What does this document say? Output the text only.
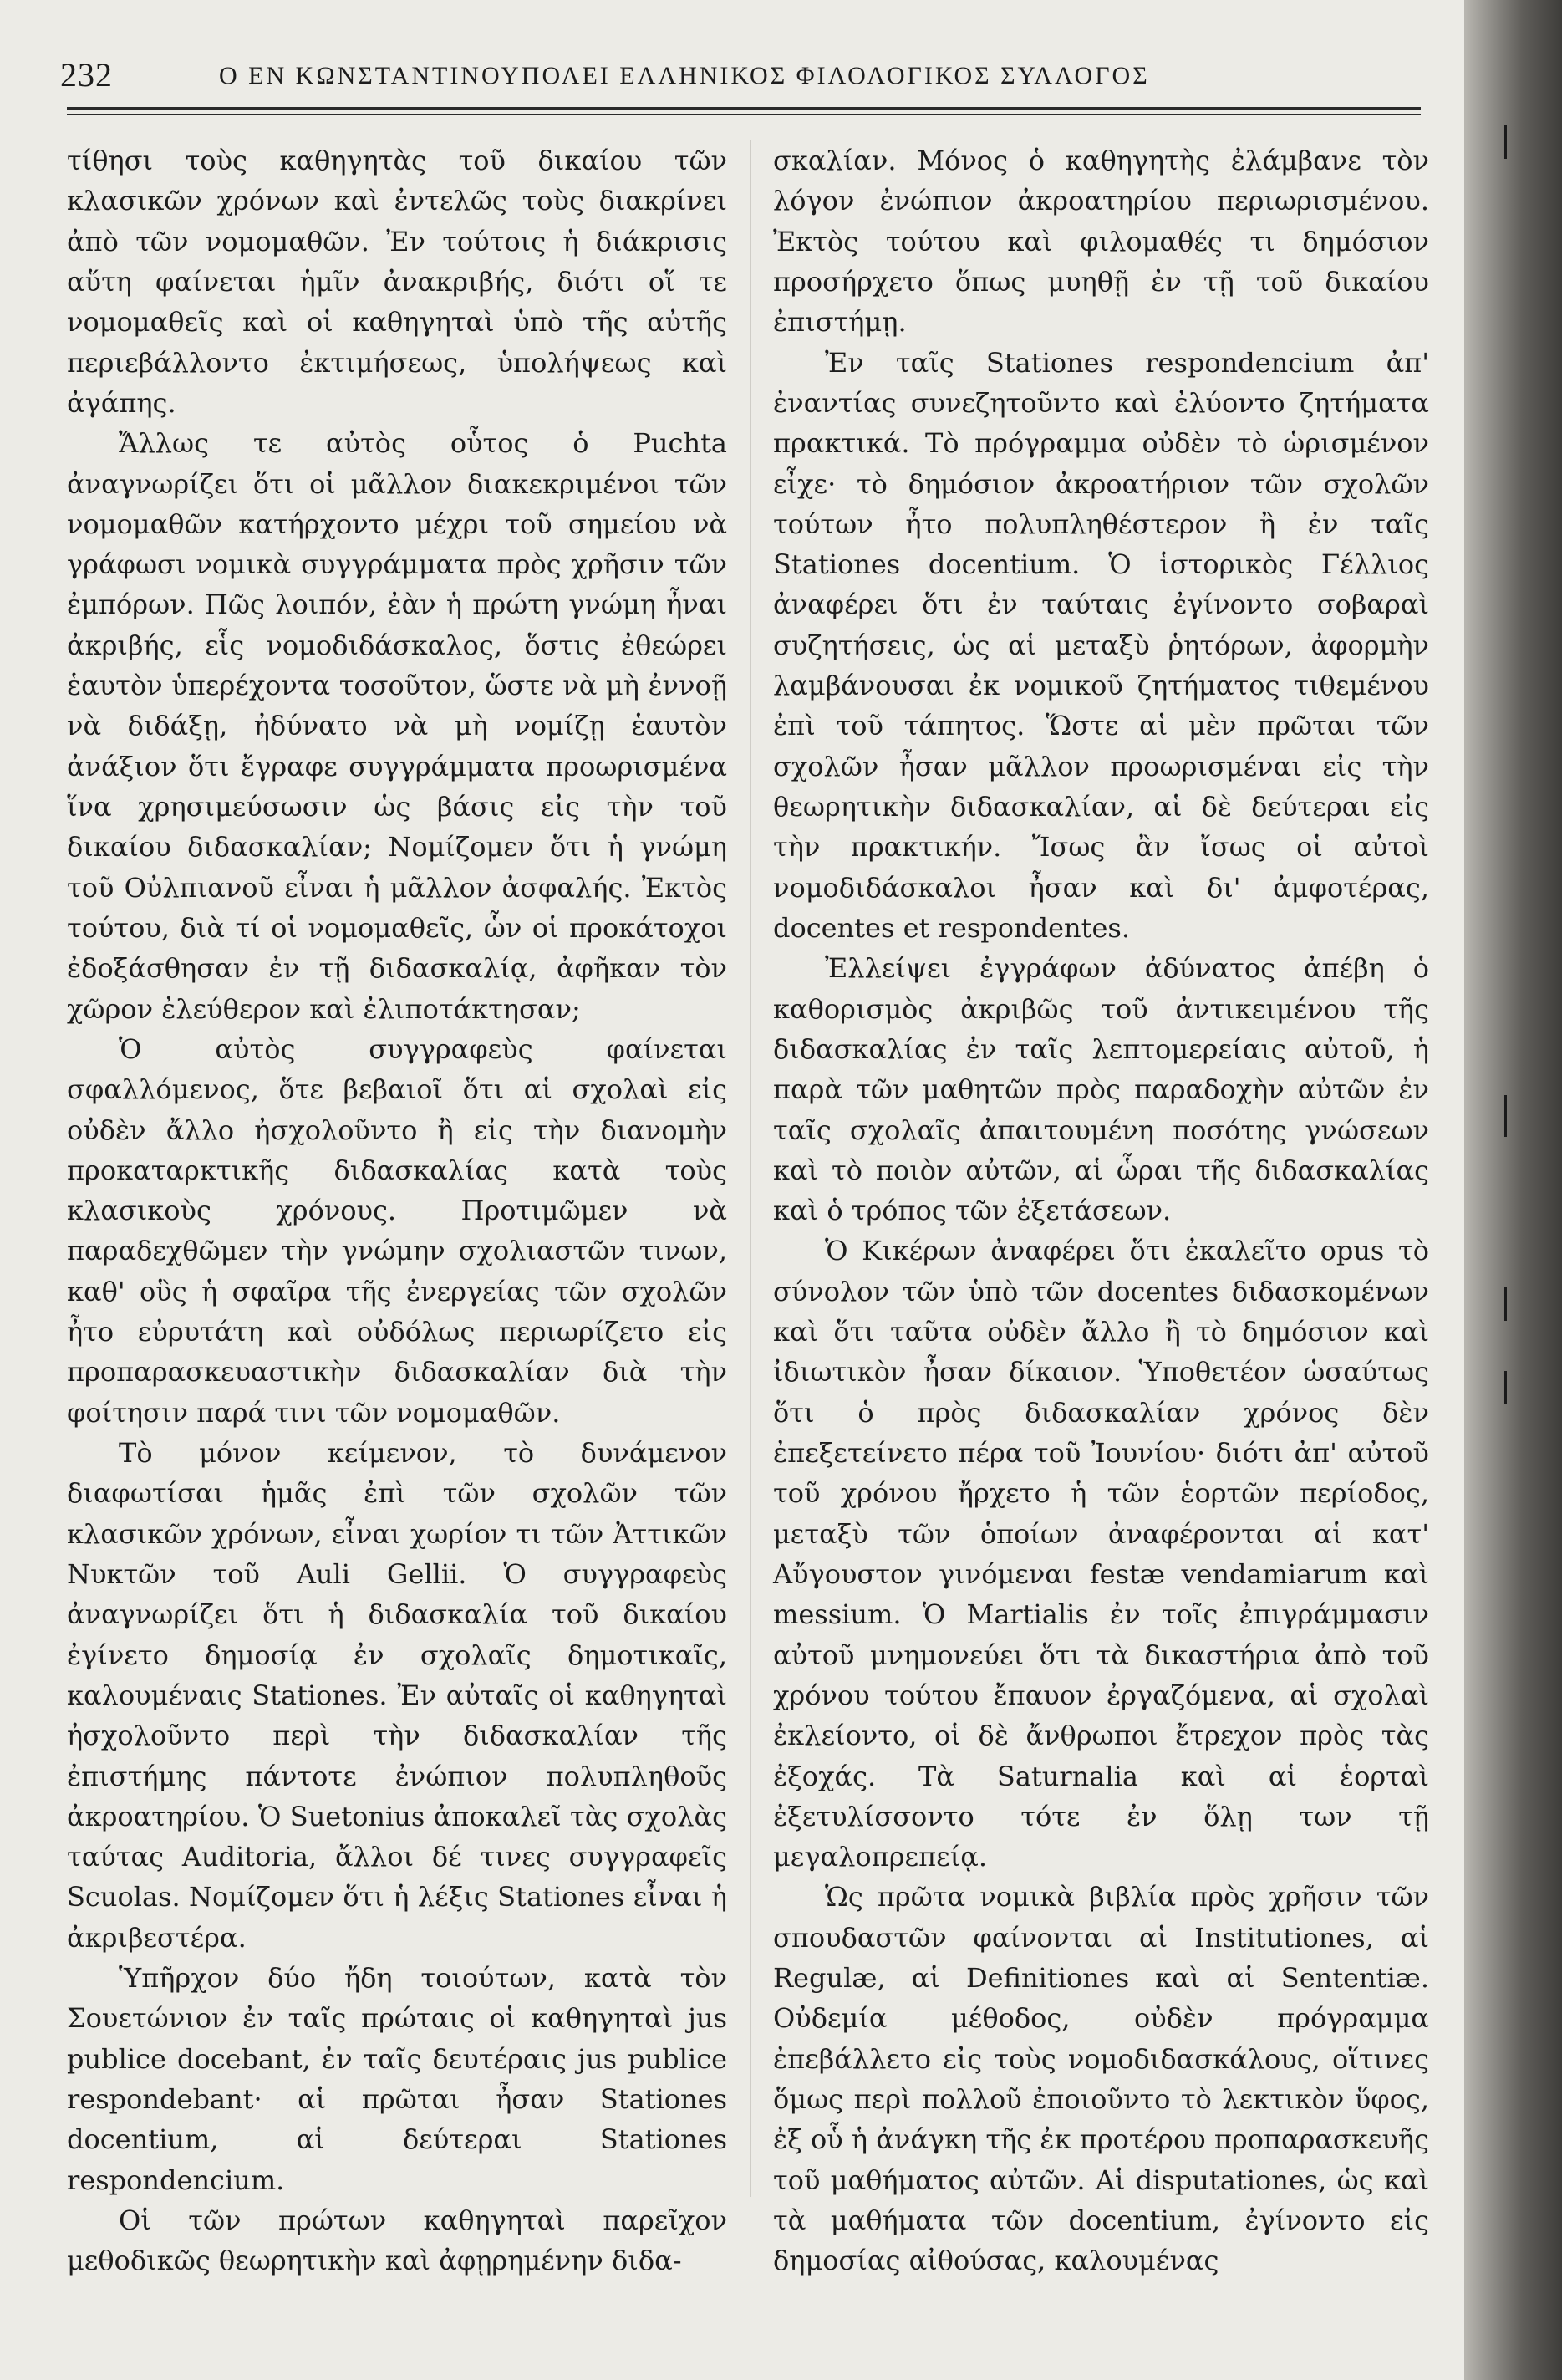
232	Ο ΕΝ ΚΩΝΣΤΑΝΤΙΝΟΥΠΟΛΕΙ ΕΛΛΗΝΙΚΟΣ ΦΙΛΟΛΟΓΙΚΟΣ ΣΥΛΛΟΓΟΣ

τίθησι τοὺς καθηγητὰς τοῦ δικαίου τῶν κλασικῶν χρόνων καὶ ἐντελῶς τοὺς διακρίνει ἀπὸ τῶν νομομαθῶν. Ἐν τούτοις ἡ διάκρισις αὕτη φαίνεται ἡμῖν ἀνακριβής, διότι οἵ τε νομομαθεῖς καὶ οἱ καθηγηταὶ ὑπὸ τῆς αὐτῆς περιεβάλλοντο ἐκτιμήσεως, ὑπολήψεως καὶ ἀγάπης.

Ἄλλως τε αὐτὸς οὗτος ὁ Puchta ἀναγνωρίζει ὅτι οἱ μᾶλλον διακεκριμένοι τῶν νομομαθῶν κατήρχοντο μέχρι τοῦ σημείου νὰ γράφωσι νομικὰ συγγράμματα πρὸς χρῆσιν τῶν ἐμπόρων. Πῶς λοιπόν, ἐὰν ἡ πρώτη γνώμη ἦναι ἀκριβής, εἷς νομοδιδάσκαλος, ὅστις ἐθεώρει ἑαυτὸν ὑπερέχοντα τοσοῦτον, ὥστε νὰ μὴ ἐννοῇ νὰ διδάξῃ, ἠδύνατο νὰ μὴ νομίζῃ ἑαυτὸν ἀνάξιον ὅτι ἔγραφε συγγράμματα προωρισμένα ἵνα χρησιμεύσωσιν ὡς βάσις εἰς τὴν τοῦ δικαίου διδασκαλίαν; Νομίζομεν ὅτι ἡ γνώμη τοῦ Οὐλπιανοῦ εἶναι ἡ μᾶλλον ἀσφαλής. Ἐκτὸς τούτου, διὰ τί οἱ νομομαθεῖς, ὧν οἱ προκάτοχοι ἐδοξάσθησαν ἐν τῇ διδασκαλίᾳ, ἀφῆκαν τὸν χῶρον ἐλεύθερον καὶ ἐλιποτάκτησαν;

Ὁ αὐτὸς συγγραφεὺς φαίνεται σφαλλόμενος, ὅτε βεβαιοῖ ὅτι αἱ σχολαὶ εἰς οὐδὲν ἄλλο ἠσχολοῦντο ἢ εἰς τὴν διανομὴν προκαταρκτικῆς διδασκαλίας κατὰ τοὺς κλασικοὺς χρόνους. Προτιμῶμεν νὰ παραδεχθῶμεν τὴν γνώμην σχολιαστῶν τινων, καθ' οὓς ἡ σφαῖρα τῆς ἐνεργείας τῶν σχολῶν ἦτο εὐρυτάτη καὶ οὐδόλως περιωρίζετο εἰς προπαρασκευαστικὴν διδασκαλίαν διὰ τὴν φοίτησιν παρά τινι τῶν νομομαθῶν.

Τὸ μόνον κείμενον, τὸ δυνάμενον διαφωτίσαι ἡμᾶς ἐπὶ τῶν σχολῶν τῶν κλασικῶν χρόνων, εἶναι χωρίον τι τῶν Ἀττικῶν Νυκτῶν τοῦ Auli Gellii. Ὁ συγγραφεὺς ἀναγνωρίζει ὅτι ἡ διδασκαλία τοῦ δικαίου ἐγίνετο δημοσίᾳ ἐν σχολαῖς δημοτικαῖς, καλουμέναις Stationes. Ἐν αὐταῖς οἱ καθηγηταὶ ἠσχολοῦντο περὶ τὴν διδασκαλίαν τῆς ἐπιστήμης πάντοτε ἐνώπιον πολυπληθοῦς ἀκροατηρίου. Ὁ Suetonius ἀποκαλεῖ τὰς σχολὰς ταύτας Auditoria, ἄλλοι δέ τινες συγγραφεῖς Scuolas. Νομίζομεν ὅτι ἡ λέξις Stationes εἶναι ἡ ἀκριβεστέρα.

Ὑπῆρχον δύο ἤδη τοιούτων, κατὰ τὸν Σουετώνιον ἐν ταῖς πρώταις οἱ καθηγηταὶ jus publice docebant, ἐν ταῖς δευτέραις jus publice respondebant· αἱ πρῶται ἦσαν Stationes docentium, αἱ δεύτεραι Stationes respondencium.

Οἱ τῶν πρώτων καθηγηταὶ παρεῖχον μεθοδικῶς θεωρητικὴν καὶ ἀφῃρημένην διδα-

σκαλίαν. Μόνος ὁ καθηγητὴς ἐλάμβανε τὸν λόγον ἐνώπιον ἀκροατηρίου περιωρισμένου. Ἐκτὸς τούτου καὶ φιλομαθές τι δημόσιον προσήρχετο ὅπως μυηθῇ ἐν τῇ τοῦ δικαίου ἐπιστήμῃ.

Ἐν ταῖς Stationes respondencium ἀπ' ἐναντίας συνεζητοῦντο καὶ ἐλύοντο ζητήματα πρακτικά. Τὸ πρόγραμμα οὐδὲν τὸ ὡρισμένον εἶχε· τὸ δημόσιον ἀκροατήριον τῶν σχολῶν τούτων ἦτο πολυπληθέστερον ἢ ἐν ταῖς Stationes docentium. Ὁ ἱστορικὸς Γέλλιος ἀναφέρει ὅτι ἐν ταύταις ἐγίνοντο σοβαραὶ συζητήσεις, ὡς αἱ μεταξὺ ῥητόρων, ἀφορμὴν λαμβάνουσαι ἐκ νομικοῦ ζητήματος τιθεμένου ἐπὶ τοῦ τάπητος. Ὥστε αἱ μὲν πρῶται τῶν σχολῶν ἦσαν μᾶλλον προωρισμέναι εἰς τὴν θεωρητικὴν διδασκαλίαν, αἱ δὲ δεύτεραι εἰς τὴν πρακτικήν. Ἴσως ἂν ἴσως οἱ αὐτοὶ νομοδιδάσκαλοι ἦσαν καὶ δι' ἀμφοτέρας, docentes et respondentes.

Ἐλλείψει ἐγγράφων ἀδύνατος ἀπέβη ὁ καθορισμὸς ἀκριβῶς τοῦ ἀντικειμένου τῆς διδασκαλίας ἐν ταῖς λεπτομερείαις αὐτοῦ, ἡ παρὰ τῶν μαθητῶν πρὸς παραδοχὴν αὐτῶν ἐν ταῖς σχολαῖς ἀπαιτουμένη ποσότης γνώσεων καὶ τὸ ποιὸν αὐτῶν, αἱ ὧραι τῆς διδασκαλίας καὶ ὁ τρόπος τῶν ἐξετάσεων.

Ὁ Κικέρων ἀναφέρει ὅτι ἐκαλεῖτο opus τὸ σύνολον τῶν ὑπὸ τῶν docentes διδασκομένων καὶ ὅτι ταῦτα οὐδὲν ἄλλο ἢ τὸ δημόσιον καὶ ἰδιωτικὸν ἦσαν δίκαιον. Ὑποθετέον ὡσαύτως ὅτι ὁ πρὸς διδασκαλίαν χρόνος δὲν ἐπεξετείνετο πέρα τοῦ Ἰουνίου· διότι ἀπ' αὐτοῦ τοῦ χρόνου ἤρχετο ἡ τῶν ἑορτῶν περίοδος, μεταξὺ τῶν ὁποίων ἀναφέρονται αἱ κατ' Αὔγουστον γινόμεναι festæ vendamiarum καὶ messium. Ὁ Martialis ἐν τοῖς ἐπιγράμμασιν αὐτοῦ μνημονεύει ὅτι τὰ δικαστήρια ἀπὸ τοῦ χρόνου τούτου ἔπαυον ἐργαζόμενα, αἱ σχολαὶ ἐκλείοντο, οἱ δὲ ἄνθρωποι ἔτρεχον πρὸς τὰς ἐξοχάς. Τὰ Saturnalia καὶ αἱ ἑορταὶ ἐξετυλίσσοντο τότε ἐν ὅλῃ των τῇ μεγαλοπρεπείᾳ.

Ὡς πρῶτα νομικὰ βιβλία πρὸς χρῆσιν τῶν σπουδαστῶν φαίνονται αἱ Institutiones, αἱ Regulæ, αἱ Definitiones καὶ αἱ Sententiæ. Οὐδεμία μέθοδος, οὐδὲν πρόγραμμα ἐπεβάλλετο εἰς τοὺς νομοδιδασκάλους, οἵτινες ὅμως περὶ πολλοῦ ἐποιοῦντο τὸ λεκτικὸν ὕφος, ἐξ οὗ ἡ ἀνάγκη τῆς ἐκ προτέρου προπαρασκευῆς τοῦ μαθήματος αὐτῶν. Αἱ disputationes, ὡς καὶ τὰ μαθήματα τῶν docentium, ἐγίνοντο εἰς δημοσίας αἰθούσας, καλουμένας
